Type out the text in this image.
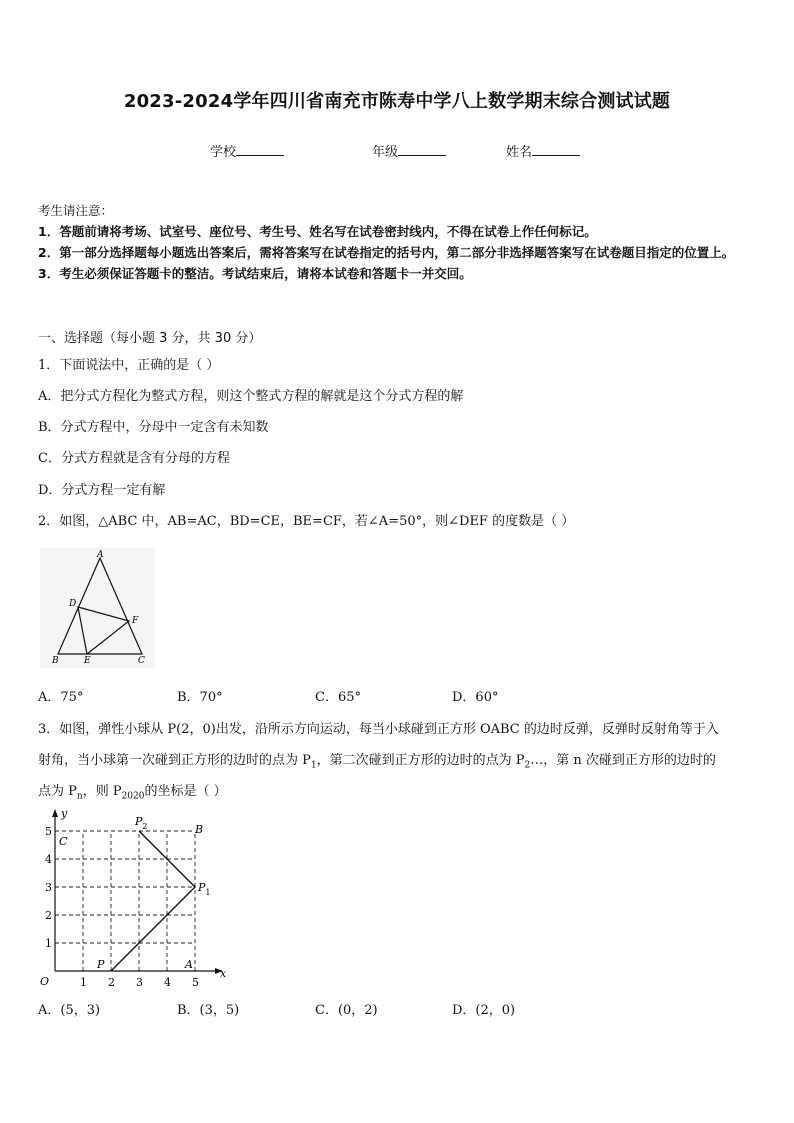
2023-2024学年四川省南充市陈寿中学八上数学期末综合测试试题
学校	年级	姓名
考生请注意：
1．答题前请将考场、试室号、座位号、考生号、姓名写在试卷密封线内，不得在试卷上作任何标记。
2．第一部分选择题每小题选出答案后，需将答案写在试卷指定的括号内，第二部分非选择题答案写在试卷题目指定的位置上。
3．考生必须保证答题卡的整洁。考试结束后，请将本试卷和答题卡一并交回。
一、选择题（每小题 3 分，共 30 分）
1．下面说法中，正确的是（ ）
A．把分式方程化为整式方程，则这个整式方程的解就是这个分式方程的解
B．分式方程中，分母中一定含有未知数
C．分式方程就是含有分母的方程
D．分式方程一定有解
2．如图，△ABC 中，AB=AC，BD=CE，BE=CF，若∠A=50°，则∠DEF 的度数是（ ）
A
B	C
D
E
F
A．75°	B．70°	C．65°	D．60°
3．如图，弹性小球从 P(2，0)出发，沿所示方向运动，每当小球碰到正方形 OABC 的边时反弹，反弹时反射角等于入
射角，当小球第一次碰到正方形的边时的点为 $P_1$，第二次碰到正方形的边时的点为 $P_2\dots$，第 n 次碰到正方形的边时的
点为 $P_n$，则 $P_{2020}$的坐标是（ ）
x
y
O	1 2 3 4 5
1
2
3
4
5
C
B
A
P
$P_1$
$P_2$
A．(5，3)	B．(3，5)	C．(0，2)	D．(2，0)
